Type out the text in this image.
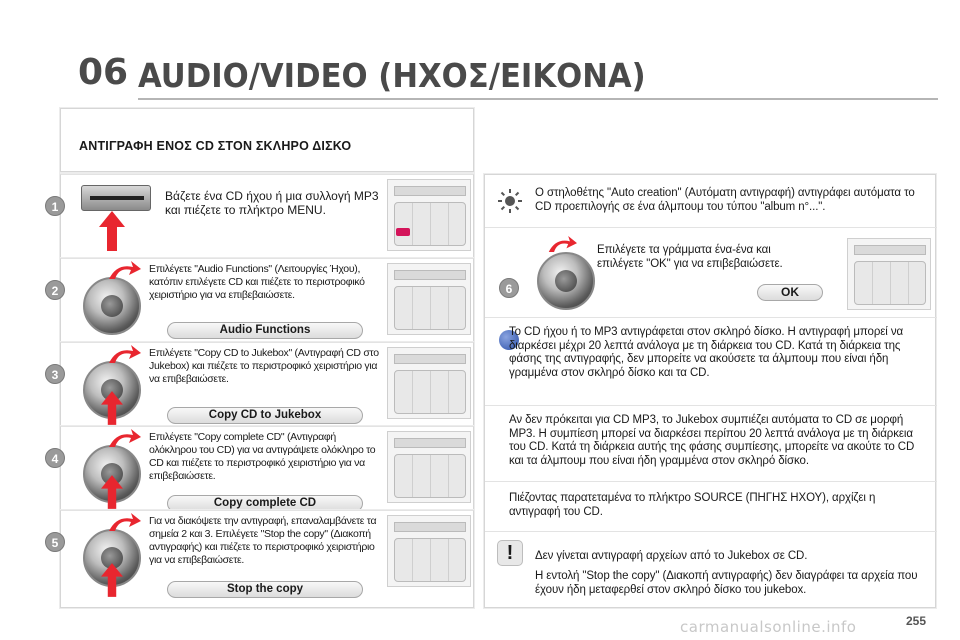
06 AUDIO/VIDEO (ΗΧΟΣ/ΕΙΚΟΝΑ)
ΑΝΤΙΓΡΑΦΗ ΕΝΟΣ CD ΣΤΟΝ ΣΚΛΗΡΟ ΔΙΣΚΟ
1
Βάζετε ένα CD ήχου ή μια συλλογή MP3 και πιέζετε το πλήκτρο MENU.
2
Επιλέγετε "Audio Functions" (Λειτουργίες Ήχου), κατόπιν επιλέγετε CD και πιέζετε το περιστροφικό χειριστήριο για να επιβεβαιώσετε.
Audio Functions
3
Επιλέγετε "Copy CD to Jukebox" (Αντιγραφή CD στο Jukebox) και πιέζετε το περιστροφικό χειριστήριο για να επιβεβαιώσετε.
Copy CD to Jukebox
4
Επιλέγετε "Copy complete CD" (Αντιγραφή ολόκληρου του CD) για να αντιγράψετε ολόκληρο το CD και πιέζετε το περιστροφικό χειριστήριο για να επιβεβαιώσετε.
Copy complete CD
5
Για να διακόψετε την αντιγραφή, επαναλαμβάνετε τα σημεία 2 και 3. Επιλέγετε "Stop the copy" (Διακοπή αντιγραφής) και πιέζετε το περιστροφικό χειριστήριο για να επιβεβαιώσετε.
Stop the copy
Ο στηλοθέτης "Auto creation" (Αυτόματη αντιγραφή) αντιγράφει αυτόματα το CD προεπιλογής σε ένα άλμπουμ του τύπου "album n°...".
6
Επιλέγετε τα γράμματα ένα-ένα και επιλέγετε "OK" για να επιβεβαιώσετε.
OK
Το CD ήχου ή το MP3 αντιγράφεται στον σκληρό δίσκο. Η αντιγραφή μπορεί να διαρκέσει μέχρι 20 λεπτά ανάλογα με τη διάρκεια του CD. Κατά τη διάρκεια της φάσης της αντιγραφής, δεν μπορείτε να ακούσετε τα άλμπουμ που είναι ήδη γραμμένα στον σκληρό δίσκο και τα CD.
Αν δεν πρόκειται για CD MP3, το Jukebox συμπιέζει αυτόματα το CD σε μορφή MP3. Η συμπίεση μπορεί να διαρκέσει περίπου 20 λεπτά ανάλογα με τη διάρκεια του CD. Κατά τη διάρκεια αυτής της φάσης συμπίεσης, μπορείτε να ακούτε το CD και τα άλμπουμ που είναι ήδη γραμμένα στον σκληρό δίσκο.
Πιέζοντας παρατεταμένα το πλήκτρο SOURCE (ΠΗΓΗΣ ΗΧΟΥ), αρχίζει η αντιγραφή του CD.
!	Δεν γίνεται αντιγραφή αρχείων από το Jukebox σε CD.
Η εντολή "Stop the copy" (Διακοπή αντιγραφής) δεν διαγράφει τα αρχεία που έχουν ήδη μεταφερθεί στον σκληρό δίσκο του jukebox.
carmanualsonline.info	255
